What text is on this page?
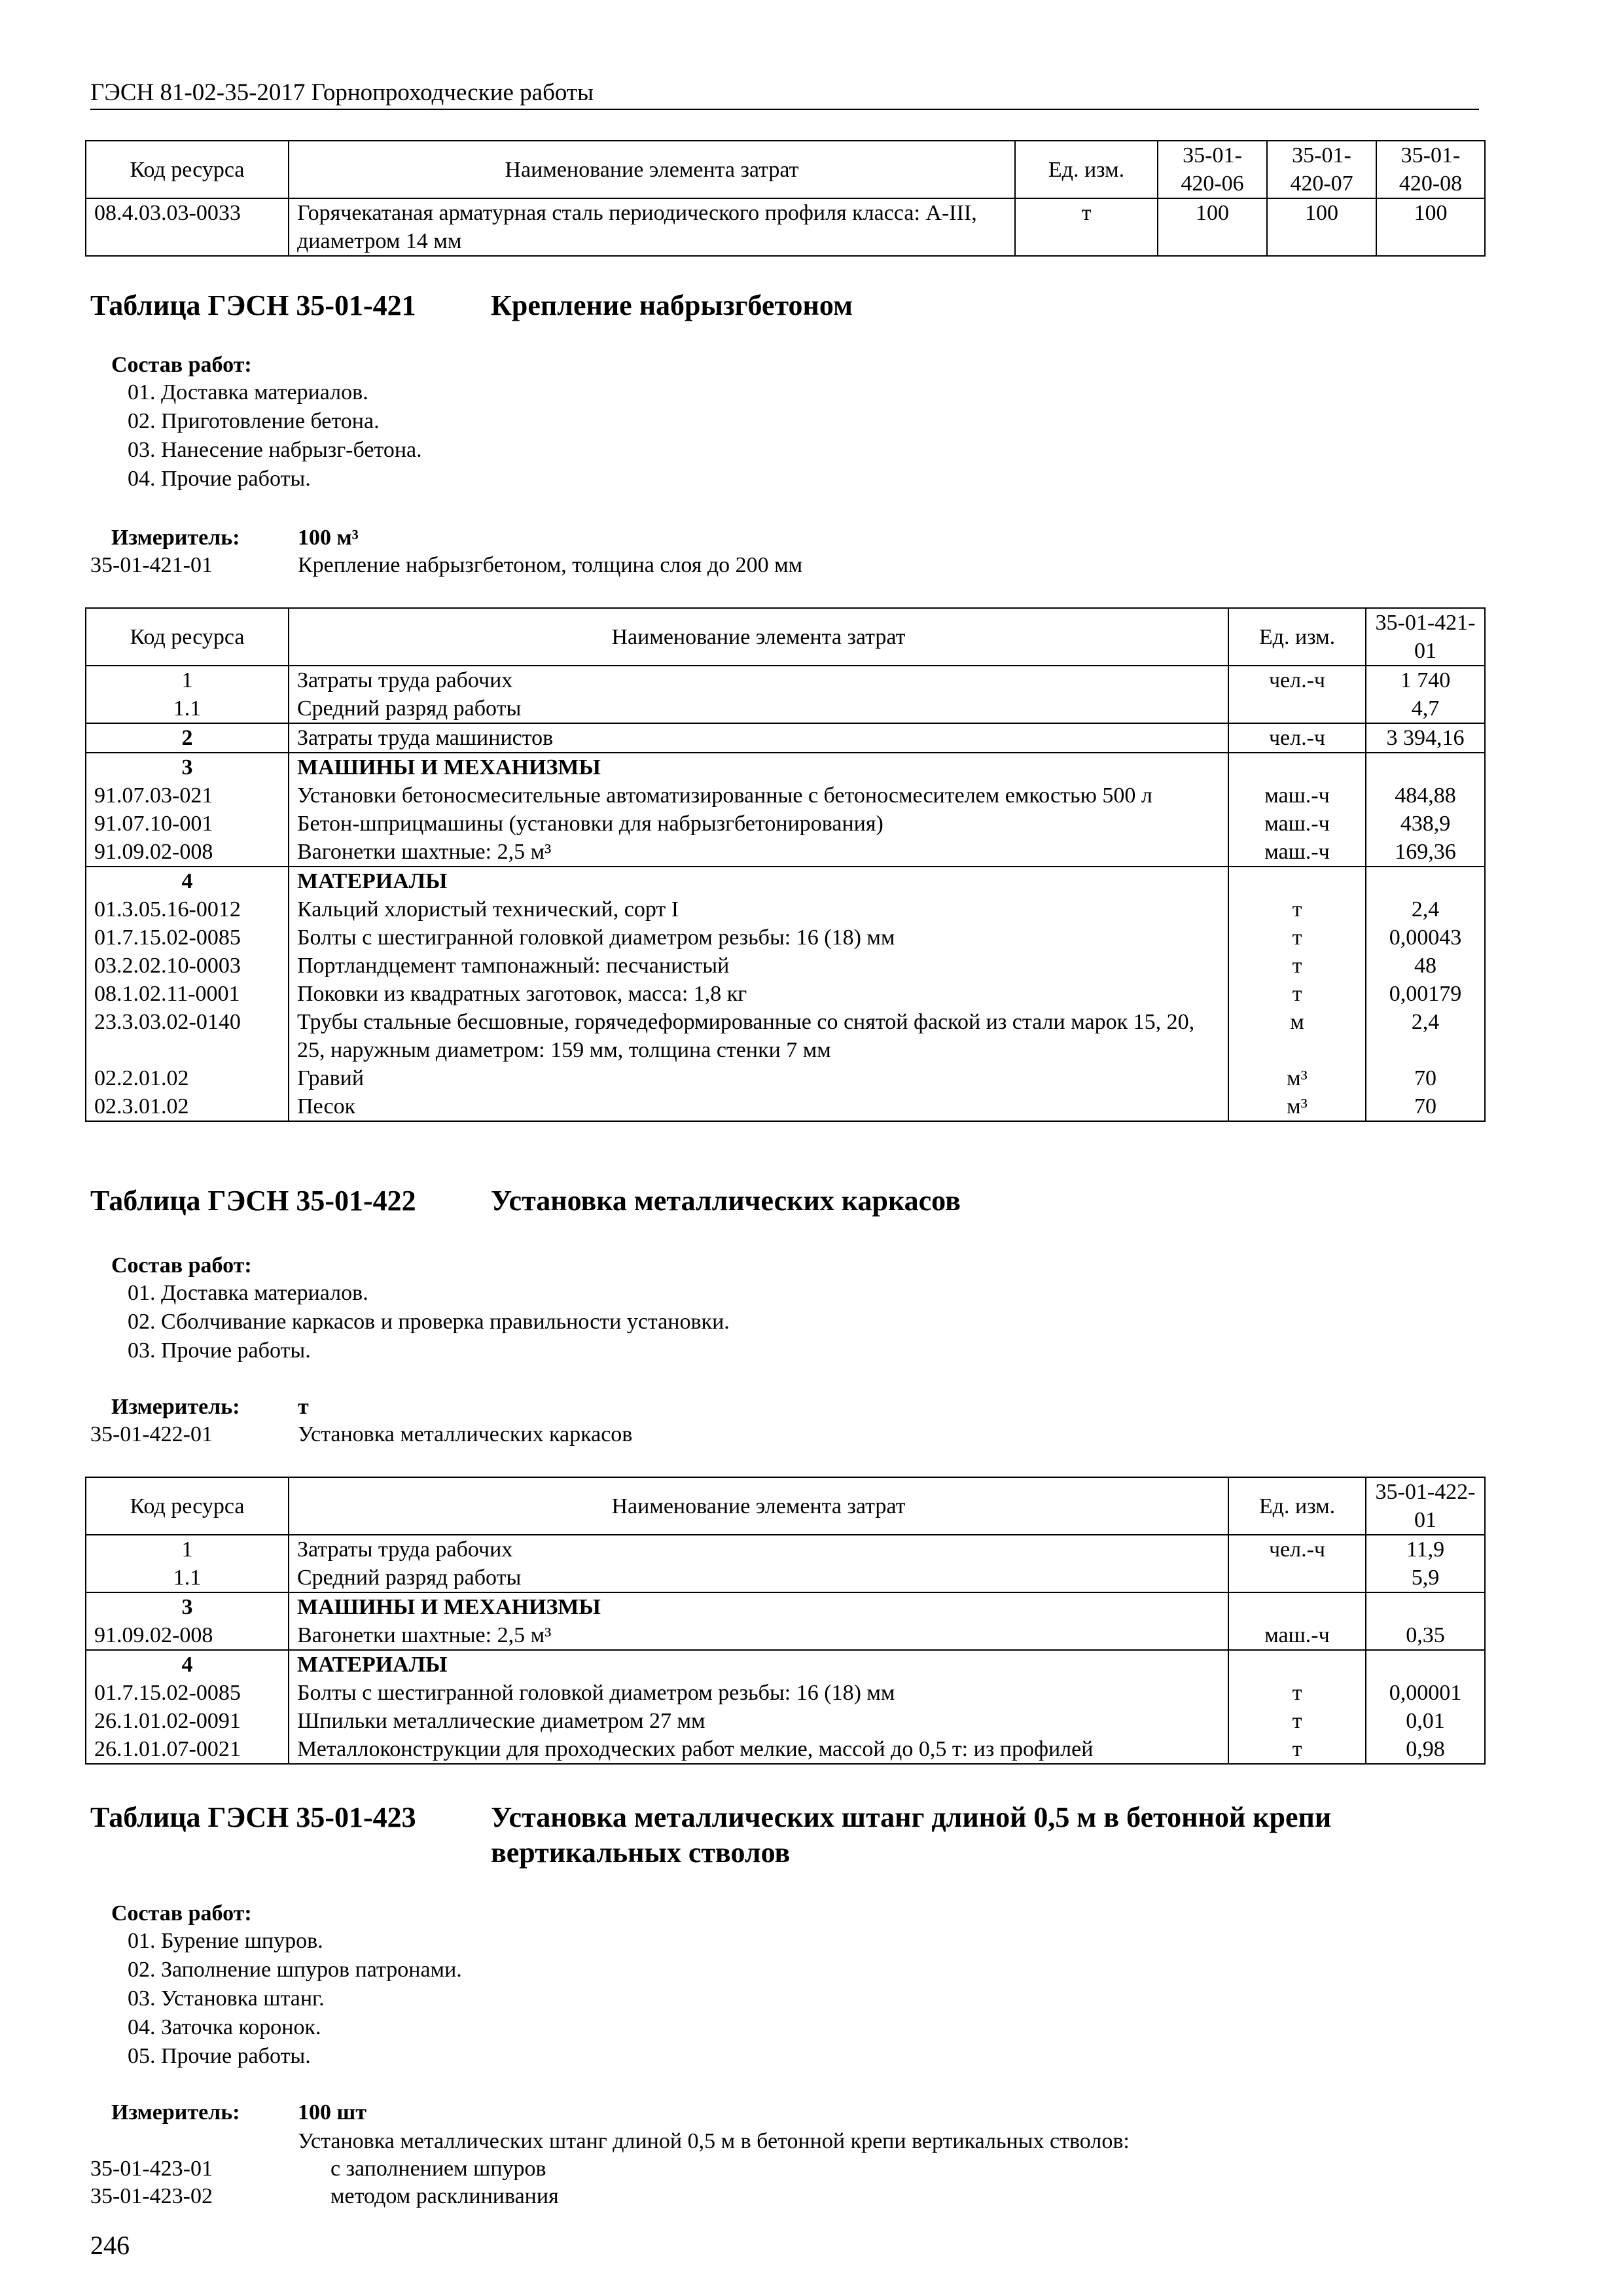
ГЭСН 81-02-35-2017 Горнопроходческие работы
Код ресурса	Наименование элемента затрат	Ед. изм.	35-01-420-06	35-01-420-07	35-01-420-08
08.4.03.03-0033	Горячекатаная арматурная сталь периодического профиля класса: А-III, диаметром 14 мм	т	100	100	100
Таблица ГЭСН 35-01-421	Крепление набрызгбетоном
Состав работ:
01. Доставка материалов.
02. Приготовление бетона.
03. Нанесение набрызг-бетона.
04. Прочие работы.
Измеритель:	100 м³
35-01-421-01	Крепление набрызгбетоном, толщина слоя до 200 мм
Код ресурса	Наименование элемента затрат	Ед. изм.	35-01-421-01
1	Затраты труда рабочих	чел.-ч	1 740
1.1	Средний разряд работы		4,7
2	Затраты труда машинистов	чел.-ч	3 394,16
3	МАШИНЫ И МЕХАНИЗМЫ		
91.07.03-021	Установки бетоносмесительные автоматизированные с бетоносмесителем емкостью 500 л	маш.-ч	484,88
91.07.10-001	Бетон-шприцмашины (установки для набрызгбетонирования)	маш.-ч	438,9
91.09.02-008	Вагонетки шахтные: 2,5 м³	маш.-ч	169,36
4	МАТЕРИАЛЫ		
01.3.05.16-0012	Кальций хлористый технический, сорт I	т	2,4
01.7.15.02-0085	Болты с шестигранной головкой диаметром резьбы: 16 (18) мм	т	0,00043
03.2.02.10-0003	Портландцемент тампонажный: песчанистый	т	48
08.1.02.11-0001	Поковки из квадратных заготовок, масса: 1,8 кг	т	0,00179
23.3.03.02-0140	Трубы стальные бесшовные, горячедеформированные со снятой фаской из стали марок 15, 20, 25, наружным диаметром: 159 мм, толщина стенки 7 мм	м	2,4
02.2.01.02	Гравий	м³	70
02.3.01.02	Песок	м³	70
Таблица ГЭСН 35-01-422	Установка металлических каркасов
Состав работ:
01. Доставка материалов.
02. Сболчивание каркасов и проверка правильности установки.
03. Прочие работы.
Измеритель:	т
35-01-422-01	Установка металлических каркасов
Код ресурса	Наименование элемента затрат	Ед. изм.	35-01-422-01
1	Затраты труда рабочих	чел.-ч	11,9
1.1	Средний разряд работы		5,9
3	МАШИНЫ И МЕХАНИЗМЫ		
91.09.02-008	Вагонетки шахтные: 2,5 м³	маш.-ч	0,35
4	МАТЕРИАЛЫ		
01.7.15.02-0085	Болты с шестигранной головкой диаметром резьбы: 16 (18) мм	т	0,00001
26.1.01.02-0091	Шпильки металлические диаметром 27 мм	т	0,01
26.1.01.07-0021	Металлоконструкции для проходческих работ мелкие, массой до 0,5 т: из профилей	т	0,98
Таблица ГЭСН 35-01-423	Установка металлических штанг длиной 0,5 м в бетонной крепи вертикальных стволов
Состав работ:
01. Бурение шпуров.
02. Заполнение шпуров патронами.
03. Установка штанг.
04. Заточка коронок.
05. Прочие работы.
Измеритель:	100 шт
Установка металлических штанг длиной 0,5 м в бетонной крепи вертикальных стволов:
35-01-423-01	с заполнением шпуров
35-01-423-02	методом расклинивания
246
